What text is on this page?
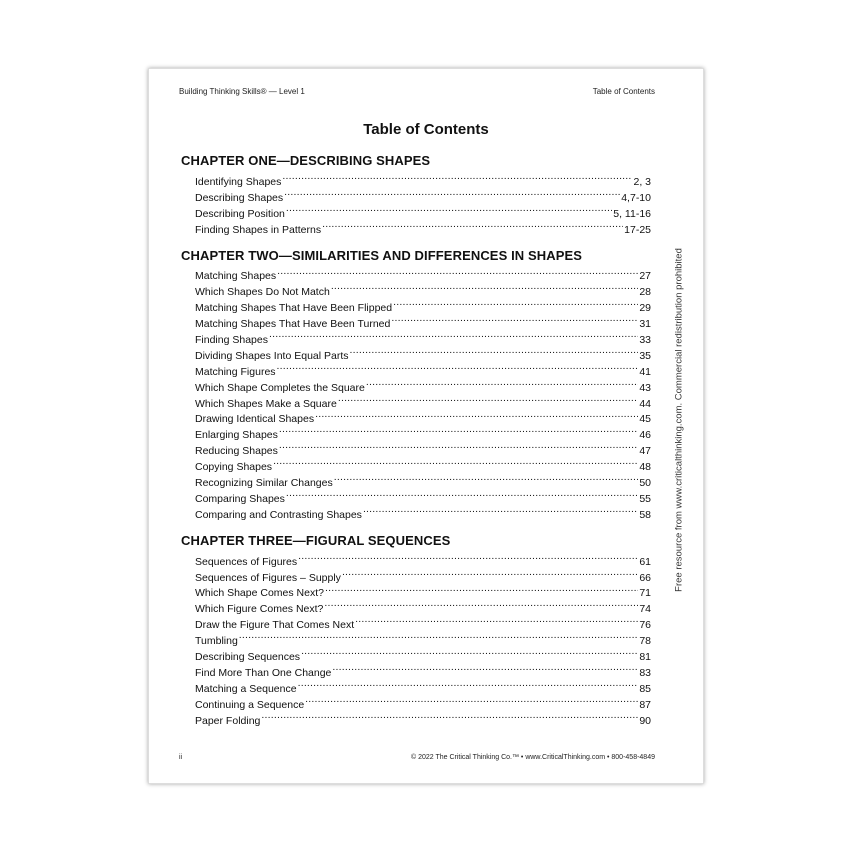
Building Thinking Skills® — Level 1	Table of Contents
Table of Contents
CHAPTER ONE—DESCRIBING SHAPES
Identifying Shapes .....	2, 3
Describing Shapes .....	4,7-10
Describing Position .....	5, 11-16
Finding Shapes in Patterns .....	17-25
CHAPTER TWO—SIMILARITIES AND DIFFERENCES IN SHAPES
Matching Shapes .....	27
Which Shapes Do Not Match .....	28
Matching Shapes That Have Been Flipped .....	29
Matching Shapes That Have Been Turned .....	31
Finding Shapes .....	33
Dividing Shapes Into Equal Parts .....	35
Matching Figures .....	41
Which Shape Completes the Square .....	43
Which Shapes Make a Square .....	44
Drawing Identical Shapes .....	45
Enlarging Shapes .....	46
Reducing Shapes .....	47
Copying Shapes .....	48
Recognizing Similar Changes .....	50
Comparing Shapes .....	55
Comparing and Contrasting Shapes .....	58
CHAPTER THREE—FIGURAL SEQUENCES
Sequences of Figures .....	61
Sequences of Figures – Supply .....	66
Which Shape Comes Next? .....	71
Which Figure Comes Next? .....	74
Draw the Figure That Comes Next .....	76
Tumbling .....	78
Describing Sequences .....	81
Find More Than One Change .....	83
Matching a Sequence .....	85
Continuing a Sequence .....	87
Paper Folding .....	90
ii	© 2022 The Critical Thinking Co.™ • www.CriticalThinking.com • 800-458-4849
Free resource from www.criticalthinking.com. Commercial redistribution prohibited
